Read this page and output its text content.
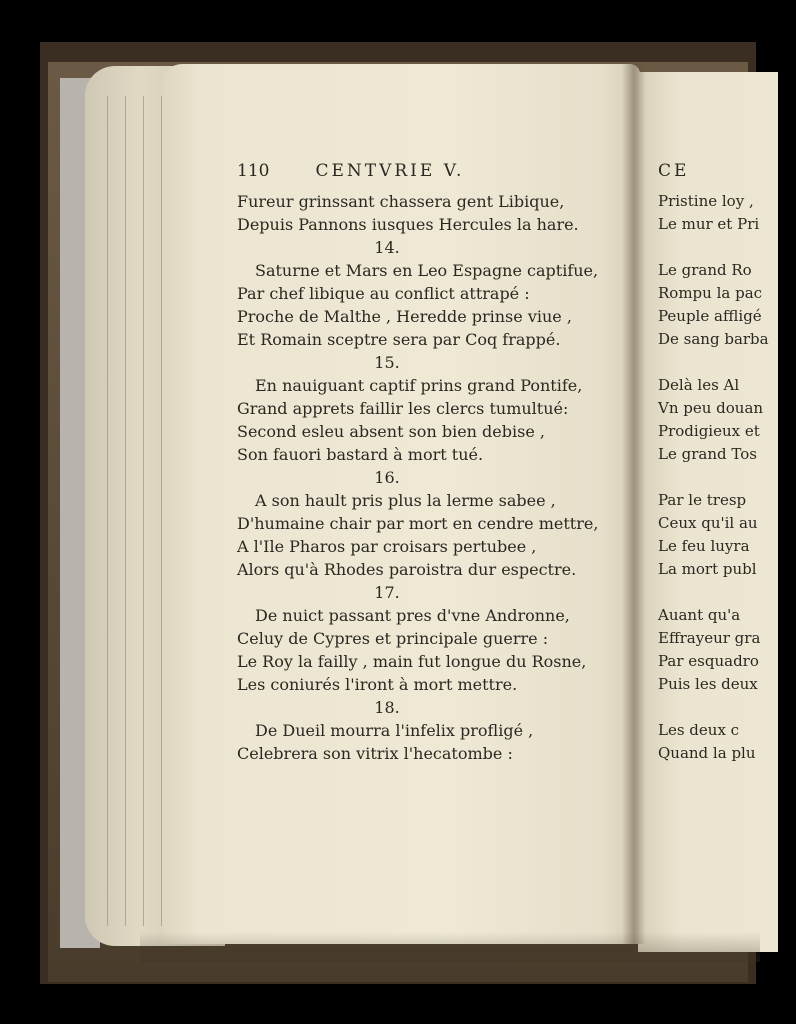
110	CENTVRIE V.
Fureur grinssant chassera gent Libique,
Depuis Pannons iusques Hercules la hare.
14.
Saturne et Mars en Leo Espagne captifue,
Par chef libique au conflict attrapé :
Proche de Malthe , Heredde prinse viue ,
Et Romain sceptre sera par Coq frappé.
15.
En nauiguant captif prins grand Pontife,
Grand apprets faillir les clercs tumultué:
Second esleu absent son bien debise ,
Son fauori bastard à mort tué.
16.
A son hault pris plus la lerme sabee ,
D'humaine chair par mort en cendre mettre,
A l'Ile Pharos par croisars pertubee ,
Alors qu'à Rhodes paroistra dur espectre.
17.
De nuict passant pres d'vne Andronne,
Celuy de Cypres et principale guerre :
Le Roy la failly , main fut longue du Rosne,
Les coniurés l'iront à mort mettre.
18.
De Dueil mourra l'infelix profligé ,
Celebrera son vitrix l'hecatombe :
CE
Pristine loy ,
Le mur et Pri
Le grand Ro
Rompu la pac
Peuple affligé
De sang barba
Delà les Al
Vn peu douan
Prodigieux et
Le grand Tos
Par le tresp
Ceux qu'il au
Le feu luyra
La mort publ
Auant qu'a
Effrayeur gra
Par esquadro
Puis les deux
Les deux c
Quand la plu
